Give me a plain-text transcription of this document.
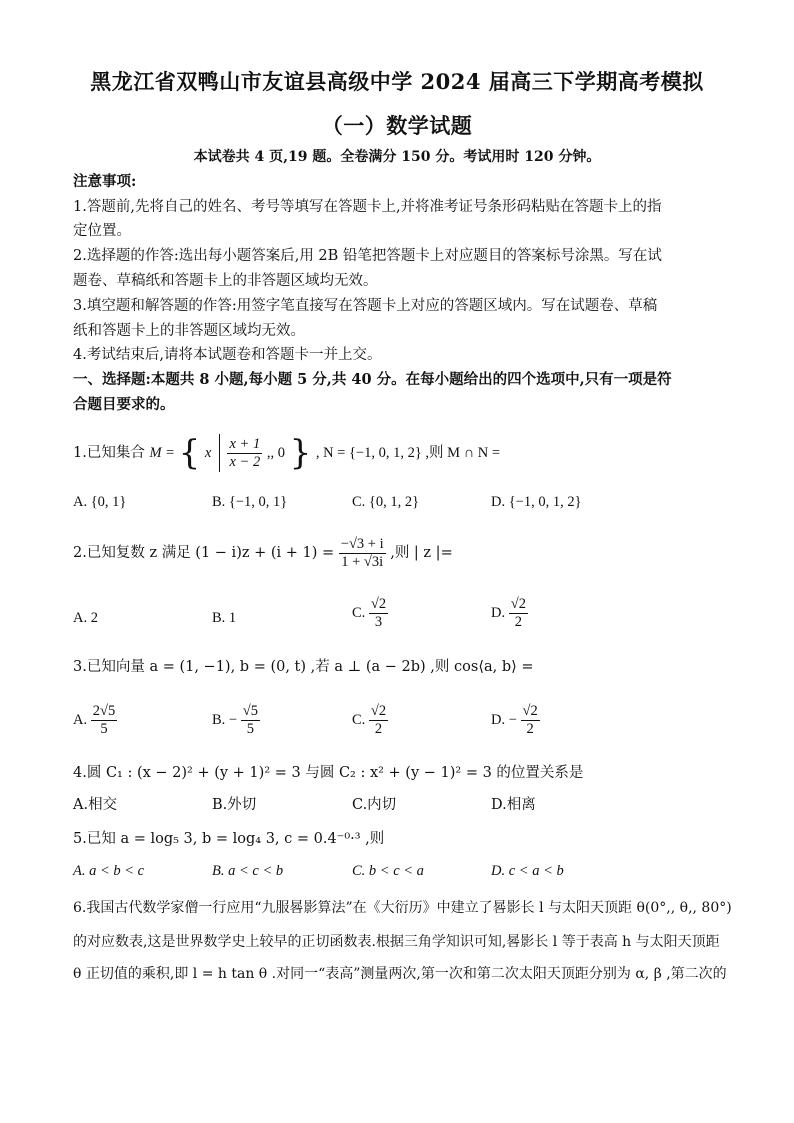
黑龙江省双鸭山市友谊县高级中学 2024 届高三下学期高考模拟
（一）数学试题
本试卷共 4 页,19 题。全卷满分 150 分。考试用时 120 分钟。
注意事项:
1.答题前,先将自己的姓名、考号等填写在答题卡上,并将准考证号条形码粘贴在答题卡上的指
定位置。
2.选择题的作答:选出每小题答案后,用 2B 铅笔把答题卡上对应题目的答案标号涂黑。写在试
题卷、草稿纸和答题卡上的非答题区域均无效。
3.填空题和解答题的作答:用签字笔直接写在答题卡上对应的答题区域内。写在试题卷、草稿
纸和答题卡上的非答题区域均无效。
4.考试结束后,请将本试题卷和答题卡一并上交。
一、选择题:本题共 8 小题,每小题 5 分,共 40 分。在每小题给出的四个选项中,只有一项是符
合题目要求的。
1.已知集合 M = { x $\frac{x + 1}{x - 2}$ ,, 0 } , N = {−1, 0, 1, 2} ,则 M ∩ N =
A. {0, 1}	B. {−1, 0, 1}	C. {0, 1, 2}	D. {−1, 0, 1, 2}
2.已知复数 z 满足 $(1 - i)z + (i + 1) = \frac{-√3 + i}{1 + √3i}$ ,则 | z |=
A. 2	B. 1	C. $\frac{√2}{3}$	D. $\frac{√2}{2}$
3.已知向量 a = (1, −1), b = (0, t) ,若 a ⊥ (a − 2b) ,则 cos⟨a, b⟩ =
A. $\frac{2√5}{5}$	B. − $\frac{√5}{5}$	C. $\frac{√2}{2}$	D. − $\frac{√2}{2}$
4.圆 C₁ : (x − 2)² + (y + 1)² = 3 与圆 C₂ : x² + (y − 1)² = 3 的位置关系是
A.相交	B.外切	C.内切	D.相离
5.已知 a = log₅ 3, b = log₄ 3, c = 0.4⁻⁰·³ ,则
A. a < b < c	B. a < c < b	C. b < c < a	D. c < a < b
6.我国古代数学家僧一行应用“九服晷影算法”在《大衍历》中建立了晷影长 l 与太阳天顶距 θ(0°,, θ,, 80°)
的对应数表,这是世界数学史上较早的正切函数表.根据三角学知识可知,晷影长 l 等于表高 h 与太阳天顶距
θ 正切值的乘积,即 l = h tan θ .对同一“表高”测量两次,第一次和第二次太阳天顶距分别为 α, β ,第二次的
